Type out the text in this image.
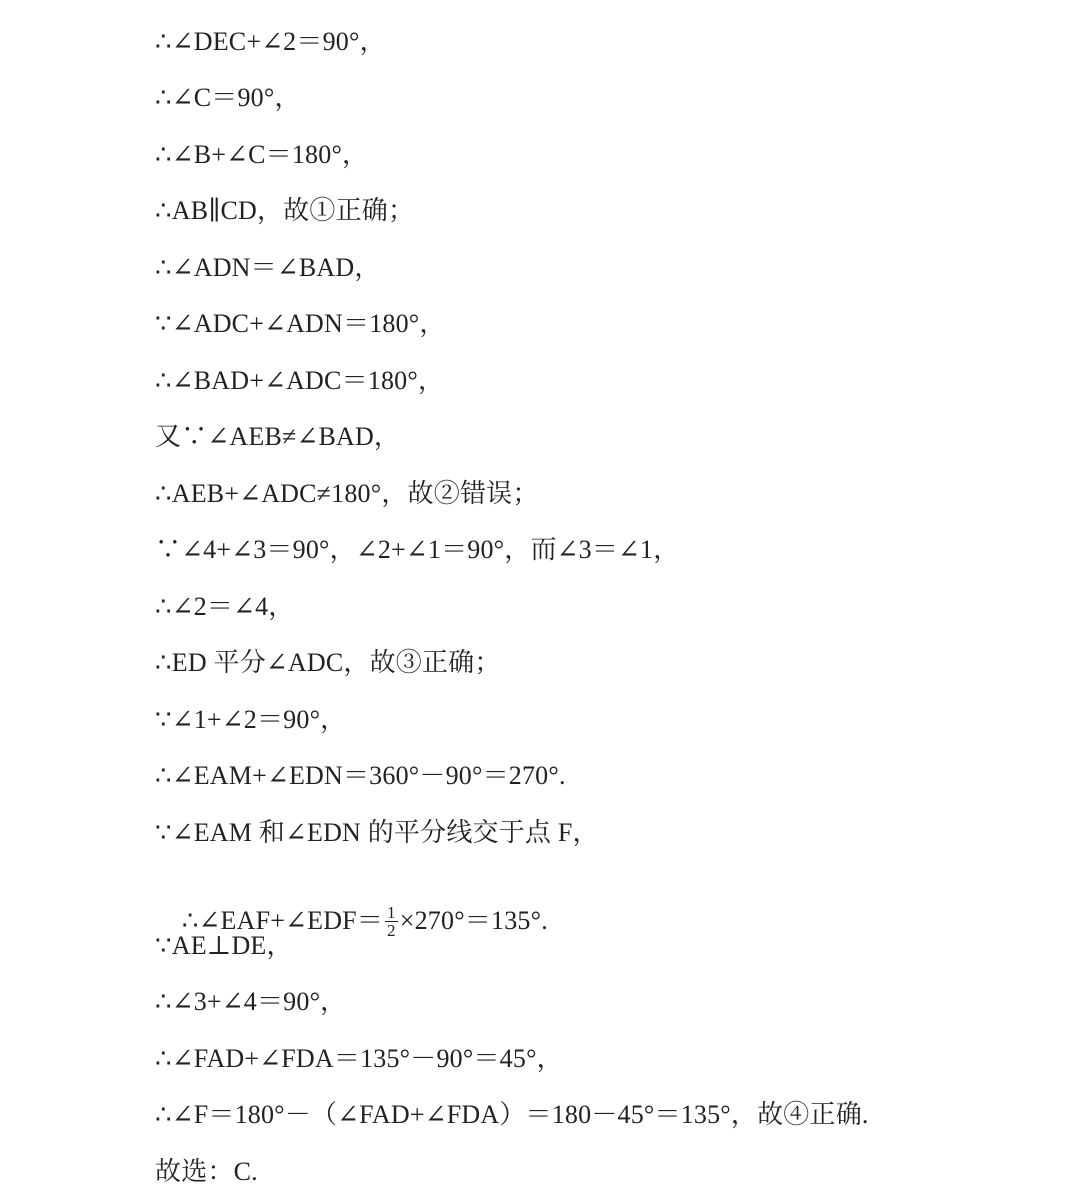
∴∠DEC+∠2＝90°，
∴∠C＝90°，
∴∠B+∠C＝180°，
∴AB∥CD，故①正确；
∴∠ADN＝∠BAD，
∵∠ADC+∠ADN＝180°，
∴∠BAD+∠ADC＝180°，
又∵∠AEB≠∠BAD，
∴AEB+∠ADC≠180°，故②错误；
∵∠4+∠3＝90°，∠2+∠1＝90°，而∠3＝∠1，
∴∠2＝∠4，
∴ED 平分∠ADC，故③正确；
∵∠1+∠2＝90°，
∴∠EAM+∠EDN＝360°－90°＝270°.
∵∠EAM 和∠EDN 的平分线交于点 F，

∴∠EAF+∠EDF＝ $\frac{1}{2} \times 270^\circ=135^\circ$.

∵AE⊥DE，
∴∠3+∠4＝90°，
∴∠FAD+∠FDA＝135°－90°＝45°，
∴∠F＝180°－（∠FAD+∠FDA）＝180－45°＝135°，故④正确.
故选：C.
